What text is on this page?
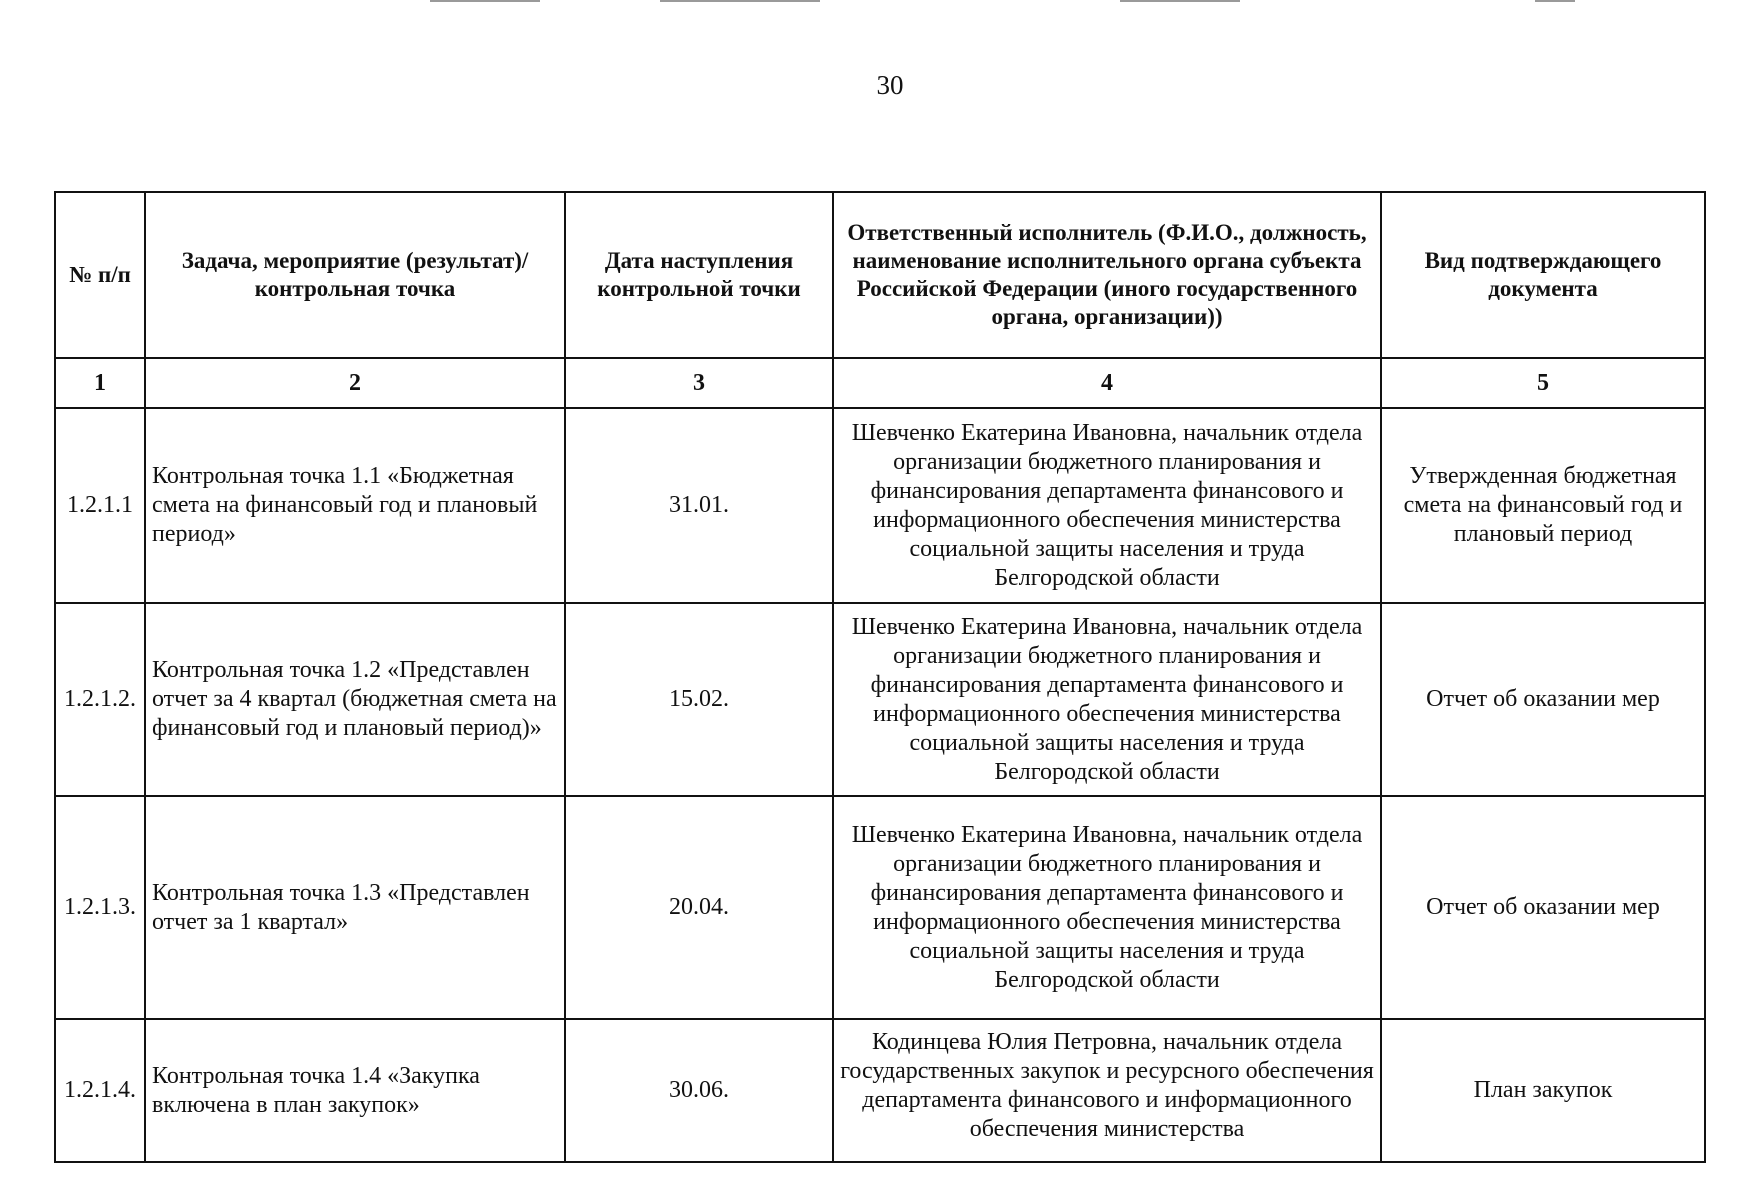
30
№ п/п	Задача, мероприятие (результат)/ контрольная точка	Дата наступления контрольной точки	Ответственный исполнитель (Ф.И.О., должность, наименование исполнительного органа субъекта Российской Федерации (иного государственного органа, организации))	Вид подтверждающего документа
1	2	3	4	5
1.2.1.1	Контрольная точка 1.1 «Бюджетная смета на финансовый год и плановый период»	31.01.	Шевченко Екатерина Ивановна, начальник отдела организации бюджетного планирования и финансирования департамента финансового и информационного обеспечения министерства социальной защиты населения и труда Белгородской области	Утвержденная бюджетная смета на финансовый год и плановый период
1.2.1.2.	Контрольная точка 1.2 «Представлен отчет за 4 квартал (бюджетная смета на финансовый год и плановый период)»	15.02.	Шевченко Екатерина Ивановна, начальник отдела организации бюджетного планирования и финансирования департамента финансового и информационного обеспечения министерства социальной защиты населения и труда Белгородской области	Отчет об оказании мер
1.2.1.3.	Контрольная точка 1.3 «Представлен отчет за 1 квартал»	20.04.	Шевченко Екатерина Ивановна, начальник отдела организации бюджетного планирования и финансирования департамента финансового и информационного обеспечения министерства социальной защиты населения и труда Белгородской области	Отчет об оказании мер
1.2.1.4.	Контрольная точка 1.4 «Закупка включена в план закупок»	30.06.	Кодинцева Юлия Петровна, начальник отдела государственных закупок и ресурсного обеспечения департамента финансового и информационного обеспечения министерства	План закупок
